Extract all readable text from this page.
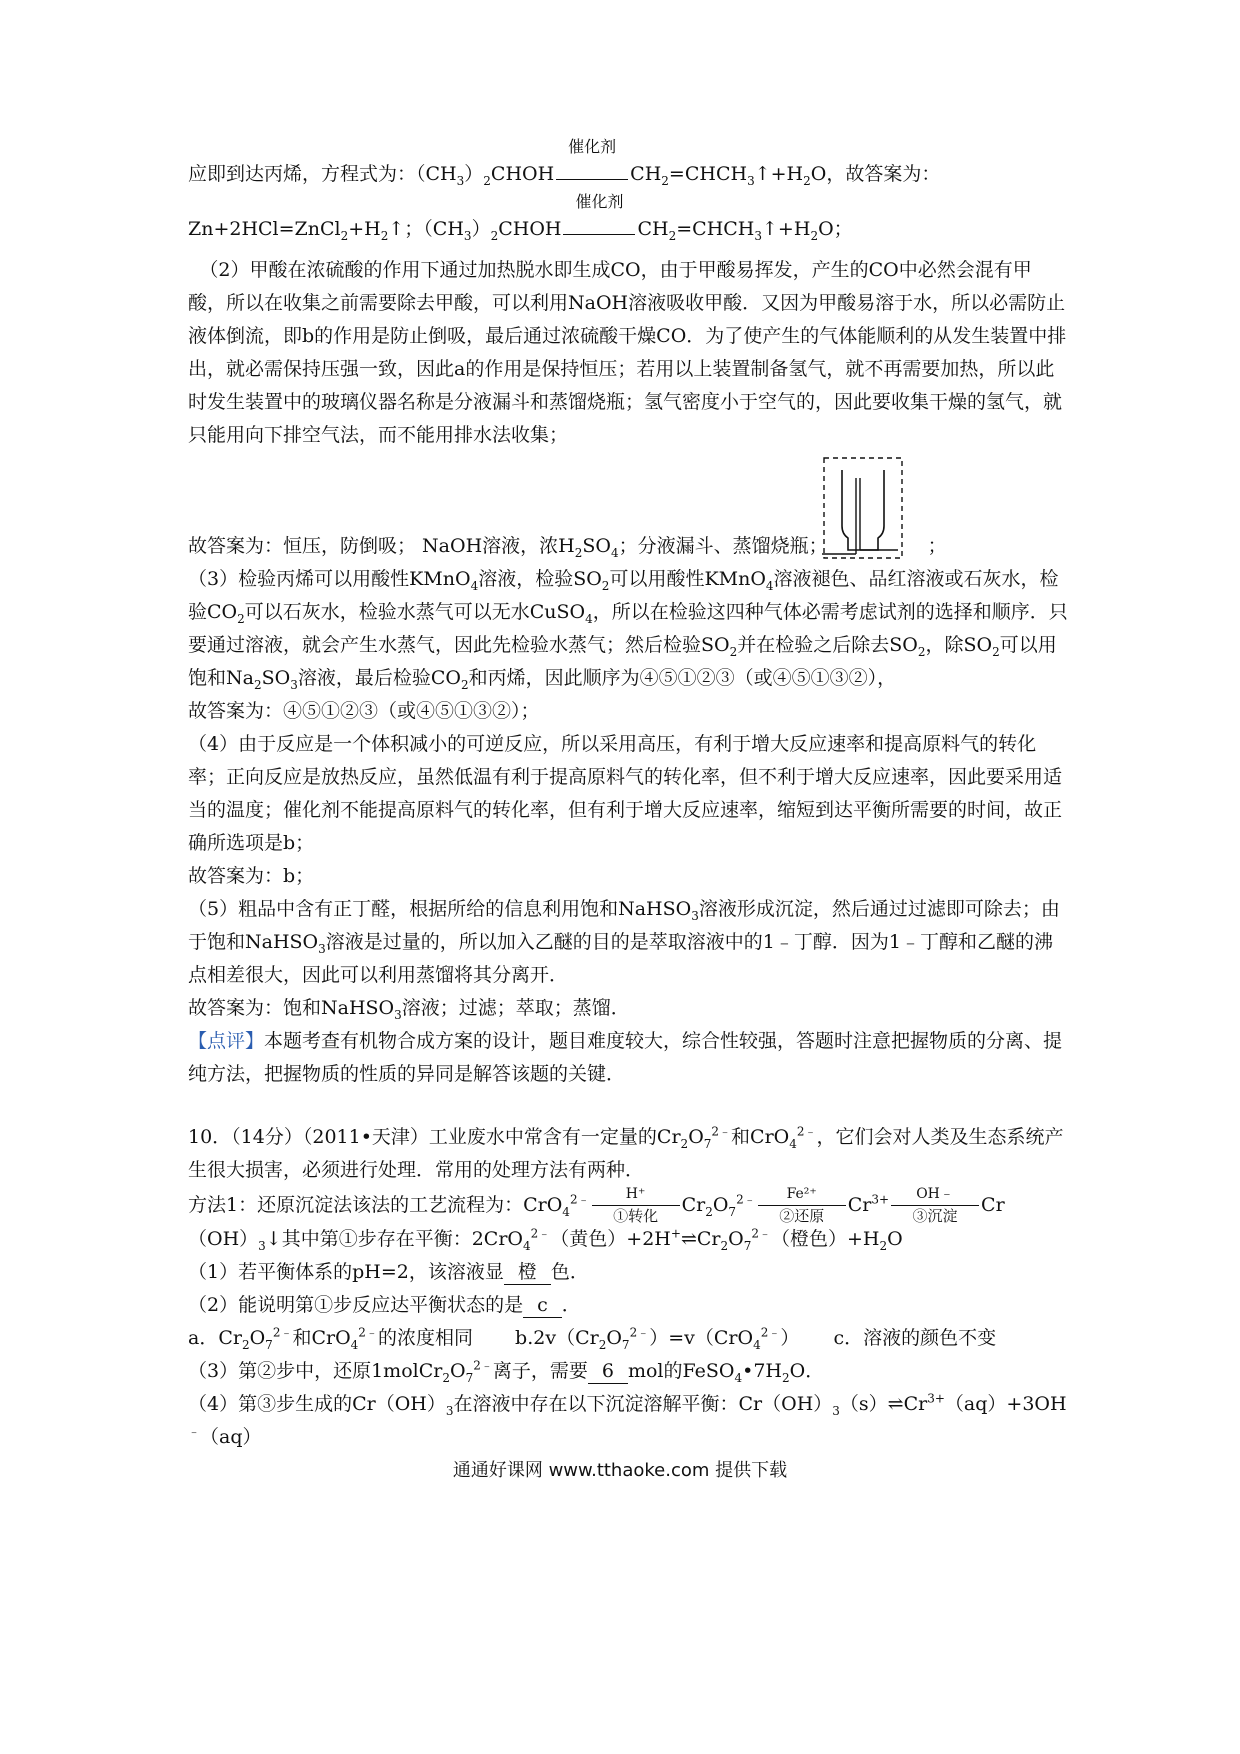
应即到达丙烯，方程式为：$(CH_3)_2CHOH$
催化剂
$CH_2=CHCH_3↑+H_2O$，故答案为：

$Zn+2HCl=ZnCl_2+H_2↑$；$(CH_3)_2CHOH$
催化剂
$CH_2=CHCH_3↑+H_2O$；

（2）甲酸在浓硫酸的作用下通过加热脱水即生成CO，由于甲酸易挥发，产生的CO中必然会混有甲酸，所以在收集之前需要除去甲酸，可以利用NaOH溶液吸收甲酸．又因为甲酸易溶于水，所以必需防止液体倒流，即b的作用是防止倒吸，最后通过浓硫酸干燥CO．为了使产生的气体能顺利的从发生装置中排出，就必需保持压强一致，因此a的作用是保持恒压；若用以上装置制备氢气，就不再需要加热，所以此时发生装置中的玻璃仪器名称是分液漏斗和蒸馏烧瓶；氢气密度小于空气的，因此要收集干燥的氢气，就只能用向下排空气法，而不能用排水法收集；

故答案为：恒压，防倒吸； NaOH溶液，浓$H_2SO_4$；分液漏斗、蒸馏烧瓶；	；

（3）检验丙烯可以用酸性KMnO$_4$溶液，检验$SO_2$可以用酸性KMnO$_4$溶液褪色、品红溶液或石灰水，检验$CO_2$可以石灰水，检验水蒸气可以无水CuSO$_4$，所以在检验这四种气体必需考虑试剂的选择和顺序．只要通过溶液，就会产生水蒸气，因此先检验水蒸气；然后检验$SO_2$并在检验之后除去$SO_2$，除$SO_2$可以用饱和$Na_2SO_3$溶液，最后检验$CO_2$和丙烯，因此顺序为④⑤①②③（或④⑤①③②），

故答案为：④⑤①②③（或④⑤①③②）；

（4）由于反应是一个体积减小的可逆反应，所以采用高压，有利于增大反应速率和提高原料气的转化率；正向反应是放热反应，虽然低温有利于提高原料气的转化率，但不利于增大反应速率，因此要采用适当的温度；催化剂不能提高原料气的转化率，但有利于增大反应速率，缩短到达平衡所需要的时间，故正确所选项是b；

故答案为：b；

（5）粗品中含有正丁醛，根据所给的信息利用饱和NaHSO$_3$溶液形成沉淀，然后通过过滤即可除去；由于饱和NaHSO$_3$溶液是过量的，所以加入乙醚的目的是萃取溶液中的1﹣丁醇．因为1﹣丁醇和乙醚的沸点相差很大，因此可以利用蒸馏将其分离开．

故答案为：饱和NaHSO$_3$溶液；过滤；萃取；蒸馏．

【点评】本题考查有机物合成方案的设计，题目难度较大，综合性较强，答题时注意把握物质的分离、提纯方法，把握物质的性质的异同是解答该题的关键．

10．（14分）（2011•天津）工业废水中常含有一定量的$Cr_2O_7^{2﹣}$和CrO$_4^{2﹣}$，它们会对人类及生态系统产生很大损害，必须进行处理．常用的处理方法有两种．

方法1：还原沉淀法该法的工艺流程为：CrO$_4^{2﹣}$	H⁺
①转化	$Cr_2O_7^{2﹣}$	Fe²⁺
②还原	$Cr^{3+}$	OH﹣
③沉淀	Cr

$(OH)_3↓$其中第①步存在平衡：2CrO$_4^{2﹣}$（黄色）$+2H^+\rightleftharpoons Cr_2O_7^{2﹣}$（橙色）$+H_2O$

（1）若平衡体系的pH=2，该溶液显 橙 色．

（2）能说明第①步反应达平衡状态的是 c ．

a．$Cr_2O_7^{2﹣}$和CrO$_4^{2﹣}$的浓度相同 $b.2v(Cr_2O_7^{2﹣})=v(CrO_4^{2﹣})$ c．溶液的颜色不变

（3）第②步中，还原$1molCr_2O_7^{2﹣}$离子，需要 6 mol的$FeSO_4•7H_2O$．

（4）第③步生成的$Cr(OH)_3$在溶液中存在以下沉淀溶解平衡：$Cr(OH)_3(s)\rightleftharpoons Cr^{3+}(aq)+3OH^﹣(aq)$

通通好课网 www.tthaoke.com 提供下载
